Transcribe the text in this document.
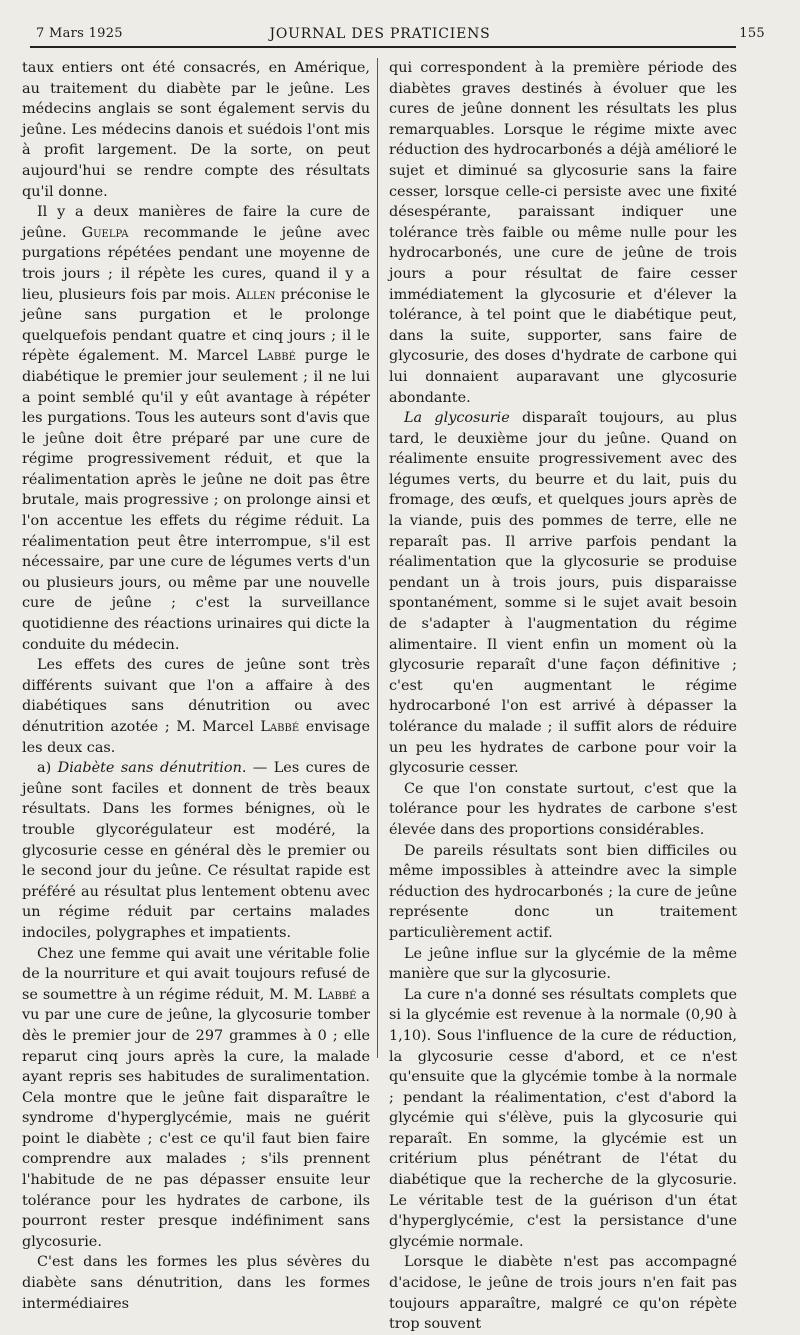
7 Mars 1925	JOURNAL DES PRATICIENS	155

taux entiers ont été consacrés, en Amérique, au traitement du diabète par le jeûne. Les médecins anglais se sont également servis du jeûne. Les médecins danois et suédois l'ont mis à profit largement. De la sorte, on peut aujourd'hui se rendre compte des résultats qu'il donne.

Il y a deux manières de faire la cure de jeûne. Guelpa recommande le jeûne avec purgations répétées pendant une moyenne de trois jours ; il répète les cures, quand il y a lieu, plusieurs fois par mois. Allen préconise le jeûne sans purgation et le prolonge quelquefois pendant quatre et cinq jours ; il le répète également. M. Marcel Labbé purge le diabétique le premier jour seulement ; il ne lui a point semblé qu'il y eût avantage à répéter les purgations. Tous les auteurs sont d'avis que le jeûne doit être préparé par une cure de régime progressivement réduit, et que la réalimentation après le jeûne ne doit pas être brutale, mais progressive ; on prolonge ainsi et l'on accentue les effets du régime réduit. La réalimentation peut être interrompue, s'il est nécessaire, par une cure de légumes verts d'un ou plusieurs jours, ou même par une nouvelle cure de jeûne ; c'est la surveillance quotidienne des réactions urinaires qui dicte la conduite du médecin.

Les effets des cures de jeûne sont très différents suivant que l'on a affaire à des diabétiques sans dénutrition ou avec dénutrition azotée ; M. Marcel Labbé envisage les deux cas.

a) Diabète sans dénutrition. — Les cures de jeûne sont faciles et donnent de très beaux résultats. Dans les formes bénignes, où le trouble glycorégulateur est modéré, la glycosurie cesse en général dès le premier ou le second jour du jeûne. Ce résultat rapide est préféré au résultat plus lentement obtenu avec un régime réduit par certains malades indociles, polygraphes et impatients.

Chez une femme qui avait une véritable folie de la nourriture et qui avait toujours refusé de se soumettre à un régime réduit, M. M. Labbé a vu par une cure de jeûne, la glycosurie tomber dès le premier jour de 297 grammes à 0 ; elle reparut cinq jours après la cure, la malade ayant repris ses habitudes de suralimentation. Cela montre que le jeûne fait disparaître le syndrome d'hyperglycémie, mais ne guérit point le diabète ; c'est ce qu'il faut bien faire comprendre aux malades ; s'ils prennent l'habitude de ne pas dépasser ensuite leur tolérance pour les hydrates de carbone, ils pourront rester presque indéfiniment sans glycosurie.

C'est dans les formes les plus sévères du diabète sans dénutrition, dans les formes intermédiaires

qui correspondent à la première période des diabètes graves destinés à évoluer que les cures de jeûne donnent les résultats les plus remarquables. Lorsque le régime mixte avec réduction des hydrocarbonés a déjà amélioré le sujet et diminué sa glycosurie sans la faire cesser, lorsque celle-ci persiste avec une fixité désespérante, paraissant indiquer une tolérance très faible ou même nulle pour les hydrocarbonés, une cure de jeûne de trois jours a pour résultat de faire cesser immédiatement la glycosurie et d'élever la tolérance, à tel point que le diabétique peut, dans la suite, supporter, sans faire de glycosurie, des doses d'hydrate de carbone qui lui donnaient auparavant une glycosurie abondante.

La glycosurie disparaît toujours, au plus tard, le deuxième jour du jeûne. Quand on réalimente ensuite progressivement avec des légumes verts, du beurre et du lait, puis du fromage, des œufs, et quelques jours après de la viande, puis des pommes de terre, elle ne reparaît pas. Il arrive parfois pendant la réalimentation que la glycosurie se produise pendant un à trois jours, puis disparaisse spontanément, somme si le sujet avait besoin de s'adapter à l'augmentation du régime alimentaire. Il vient enfin un moment où la glycosurie reparaît d'une façon définitive ; c'est qu'en augmentant le régime hydrocarboné l'on est arrivé à dépasser la tolérance du malade ; il suffit alors de réduire un peu les hydrates de carbone pour voir la glycosurie cesser.

Ce que l'on constate surtout, c'est que la tolérance pour les hydrates de carbone s'est élevée dans des proportions considérables.

De pareils résultats sont bien difficiles ou même impossibles à atteindre avec la simple réduction des hydrocarbonés ; la cure de jeûne représente donc un traitement particulièrement actif.

Le jeûne influe sur la glycémie de la même manière que sur la glycosurie.

La cure n'a donné ses résultats complets que si la glycémie est revenue à la normale (0,90 à 1,10). Sous l'influence de la cure de réduction, la glycosurie cesse d'abord, et ce n'est qu'ensuite que la glycémie tombe à la normale ; pendant la réalimentation, c'est d'abord la glycémie qui s'élève, puis la glycosurie qui reparaît. En somme, la glycémie est un critérium plus pénétrant de l'état du diabétique que la recherche de la glycosurie. Le véritable test de la guérison d'un état d'hyperglycémie, c'est la persistance d'une glycémie normale.

Lorsque le diabète n'est pas accompagné d'acidose, le jeûne de trois jours n'en fait pas toujours apparaître, malgré ce qu'on répète trop souvent
